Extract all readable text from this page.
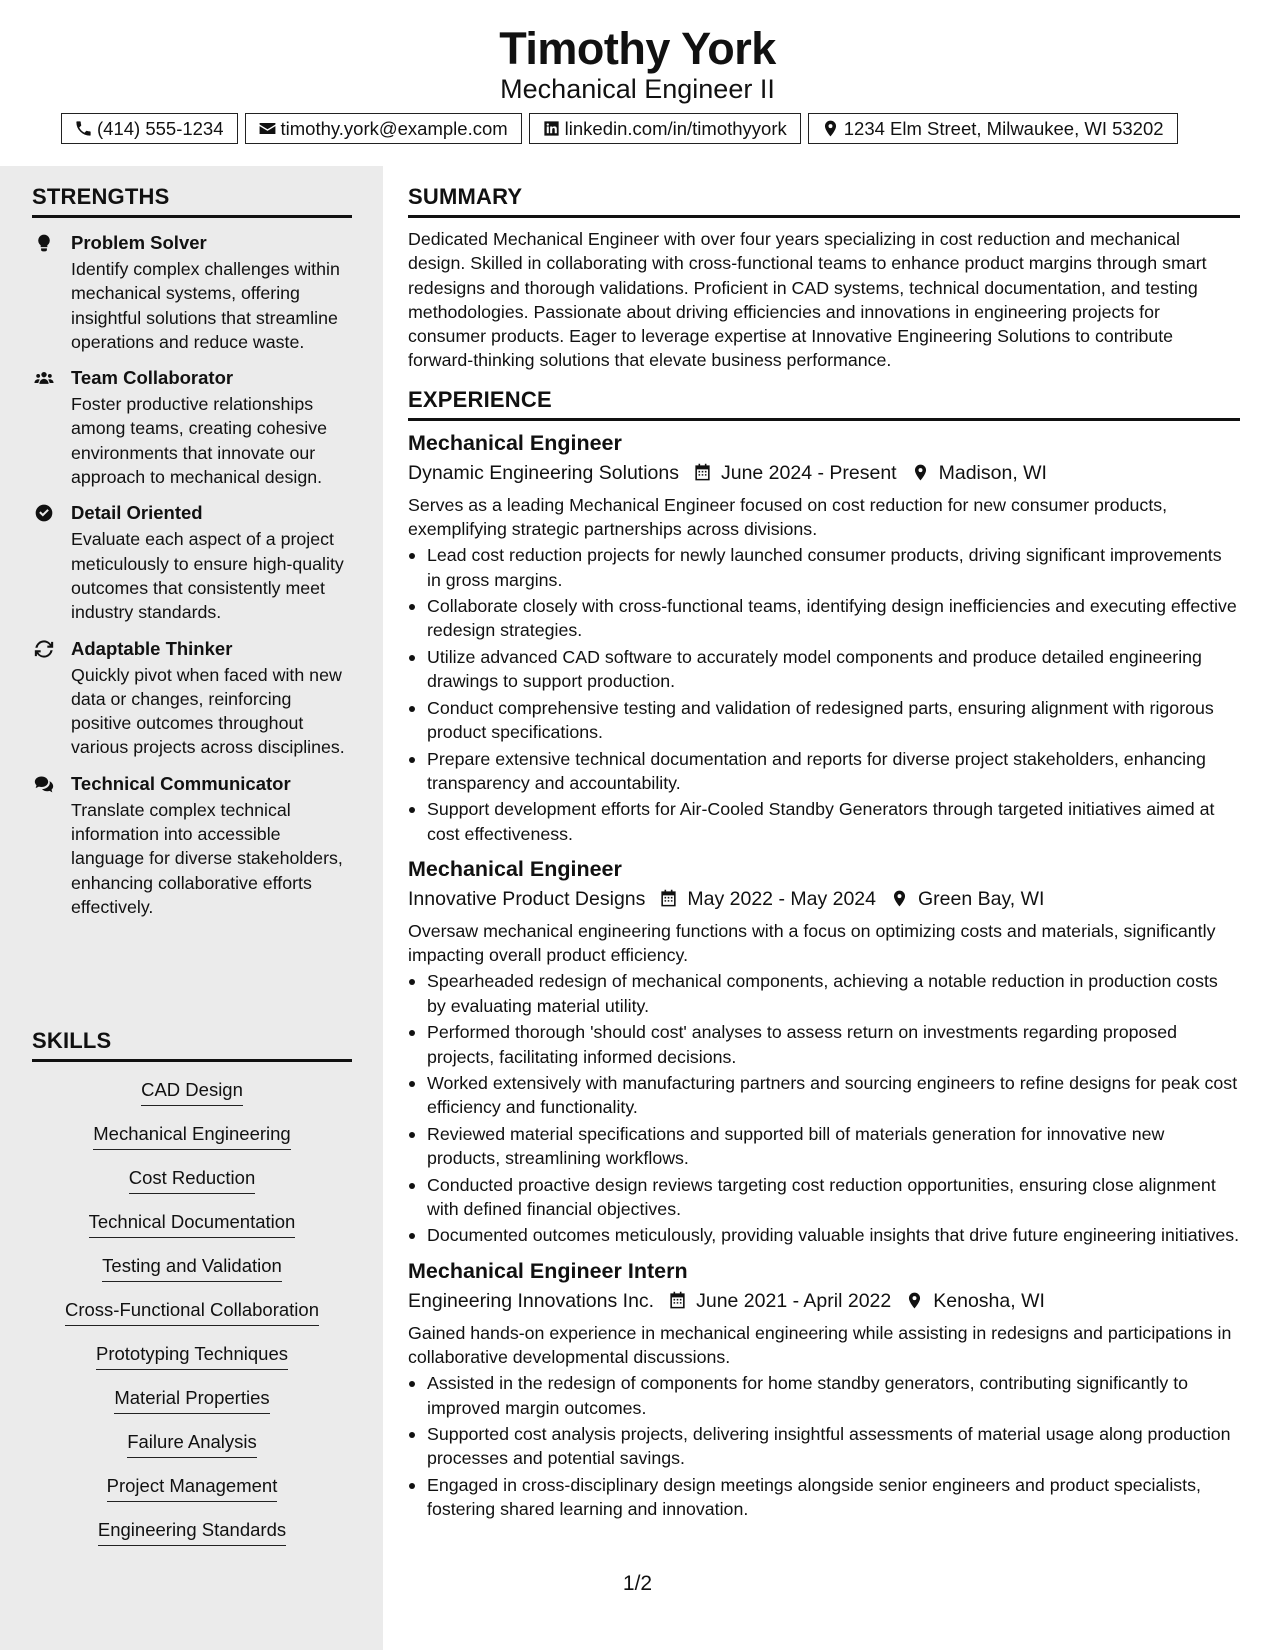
Timothy York
Mechanical Engineer II
(414) 555-1234	timothy.york@example.com	linkedin.com/in/timothyyork	1234 Elm Street, Milwaukee, WI 53202
STRENGTHS
Problem Solver
Identify complex challenges within mechanical systems, offering insightful solutions that streamline operations and reduce waste.
Team Collaborator
Foster productive relationships among teams, creating cohesive environments that innovate our approach to mechanical design.
Detail Oriented
Evaluate each aspect of a project meticulously to ensure high-quality outcomes that consistently meet industry standards.
Adaptable Thinker
Quickly pivot when faced with new data or changes, reinforcing positive outcomes throughout various projects across disciplines.
Technical Communicator
Translate complex technical information into accessible language for diverse stakeholders, enhancing collaborative efforts effectively.
SKILLS
CAD Design
Mechanical Engineering
Cost Reduction
Technical Documentation
Testing and Validation
Cross-Functional Collaboration
Prototyping Techniques
Material Properties
Failure Analysis
Project Management
Engineering Standards
SUMMARY
Dedicated Mechanical Engineer with over four years specializing in cost reduction and mechanical design. Skilled in collaborating with cross-functional teams to enhance product margins through smart redesigns and thorough validations. Proficient in CAD systems, technical documentation, and testing methodologies. Passionate about driving efficiencies and innovations in engineering projects for consumer products. Eager to leverage expertise at Innovative Engineering Solutions to contribute forward-thinking solutions that elevate business performance.
EXPERIENCE
Mechanical Engineer
Dynamic Engineering Solutions June 2024 - Present Madison, WI
Serves as a leading Mechanical Engineer focused on cost reduction for new consumer products, exemplifying strategic partnerships across divisions.
Lead cost reduction projects for newly launched consumer products, driving significant improvements in gross margins.
Collaborate closely with cross-functional teams, identifying design inefficiencies and executing effective redesign strategies.
Utilize advanced CAD software to accurately model components and produce detailed engineering drawings to support production.
Conduct comprehensive testing and validation of redesigned parts, ensuring alignment with rigorous product specifications.
Prepare extensive technical documentation and reports for diverse project stakeholders, enhancing transparency and accountability.
Support development efforts for Air-Cooled Standby Generators through targeted initiatives aimed at cost effectiveness.
Mechanical Engineer
Innovative Product Designs May 2022 - May 2024 Green Bay, WI
Oversaw mechanical engineering functions with a focus on optimizing costs and materials, significantly impacting overall product efficiency.
Spearheaded redesign of mechanical components, achieving a notable reduction in production costs by evaluating material utility.
Performed thorough 'should cost' analyses to assess return on investments regarding proposed projects, facilitating informed decisions.
Worked extensively with manufacturing partners and sourcing engineers to refine designs for peak cost efficiency and functionality.
Reviewed material specifications and supported bill of materials generation for innovative new products, streamlining workflows.
Conducted proactive design reviews targeting cost reduction opportunities, ensuring close alignment with defined financial objectives.
Documented outcomes meticulously, providing valuable insights that drive future engineering initiatives.
Mechanical Engineer Intern
Engineering Innovations Inc. June 2021 - April 2022 Kenosha, WI
Gained hands-on experience in mechanical engineering while assisting in redesigns and participations in collaborative developmental discussions.
Assisted in the redesign of components for home standby generators, contributing significantly to improved margin outcomes.
Supported cost analysis projects, delivering insightful assessments of material usage along production processes and potential savings.
Engaged in cross-disciplinary design meetings alongside senior engineers and product specialists, fostering shared learning and innovation.
1/2
